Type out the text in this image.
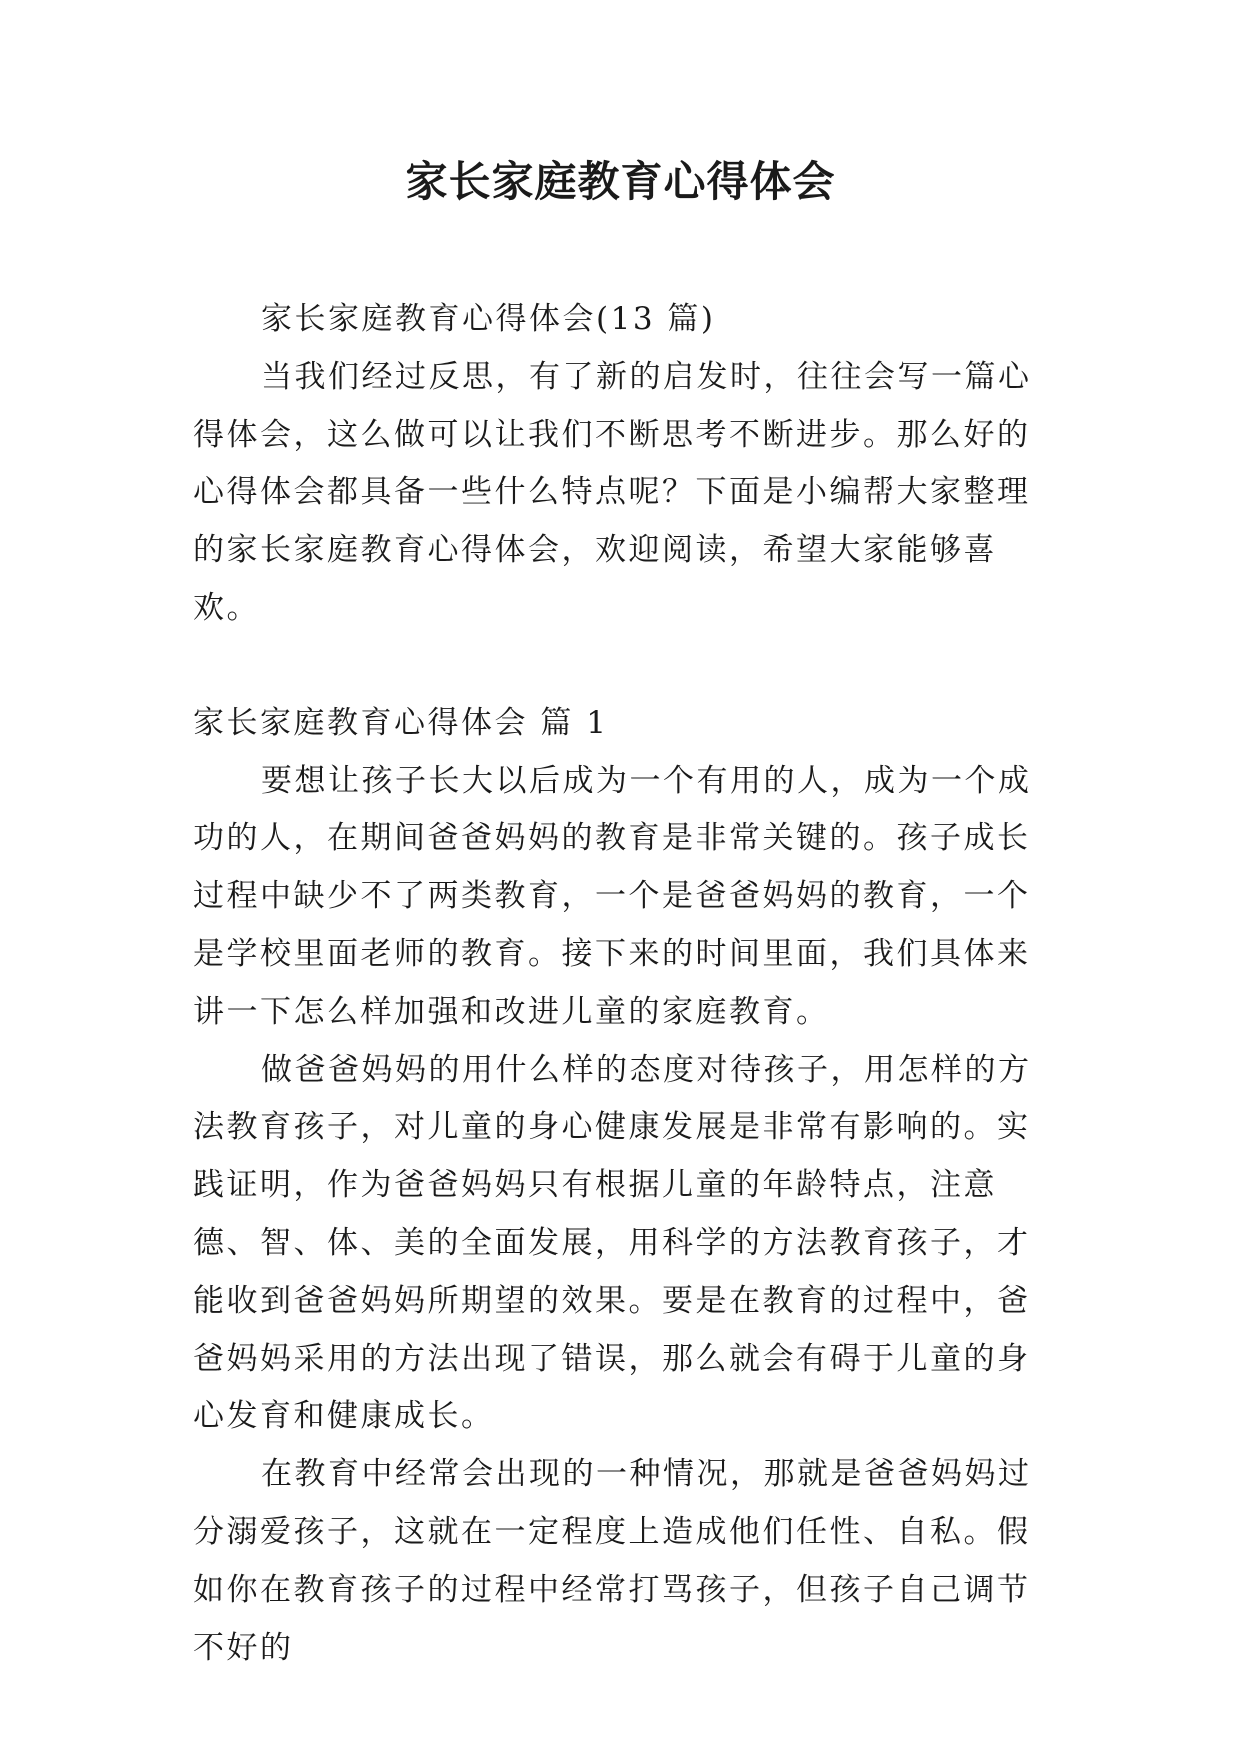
家长家庭教育心得体会

家长家庭教育心得体会(13 篇)

当我们经过反思，有了新的启发时，往往会写一篇心得体会，这么做可以让我们不断思考不断进步。那么好的心得体会都具备一些什么特点呢？下面是小编帮大家整理的家长家庭教育心得体会，欢迎阅读，希望大家能够喜欢。

家长家庭教育心得体会 篇 1

要想让孩子长大以后成为一个有用的人，成为一个成功的人，在期间爸爸妈妈的教育是非常关键的。孩子成长过程中缺少不了两类教育，一个是爸爸妈妈的教育，一个是学校里面老师的教育。接下来的时间里面，我们具体来讲一下怎么样加强和改进儿童的家庭教育。

做爸爸妈妈的用什么样的态度对待孩子，用怎样的方法教育孩子，对儿童的身心健康发展是非常有影响的。实践证明，作为爸爸妈妈只有根据儿童的年龄特点，注意德、智、体、美的全面发展，用科学的方法教育孩子，才能收到爸爸妈妈所期望的效果。要是在教育的过程中，爸爸妈妈采用的方法出现了错误，那么就会有碍于儿童的身心发育和健康成长。

在教育中经常会出现的一种情况，那就是爸爸妈妈过分溺爱孩子，这就在一定程度上造成他们任性、自私。假如你在教育孩子的过程中经常打骂孩子，但孩子自己调节不好的
